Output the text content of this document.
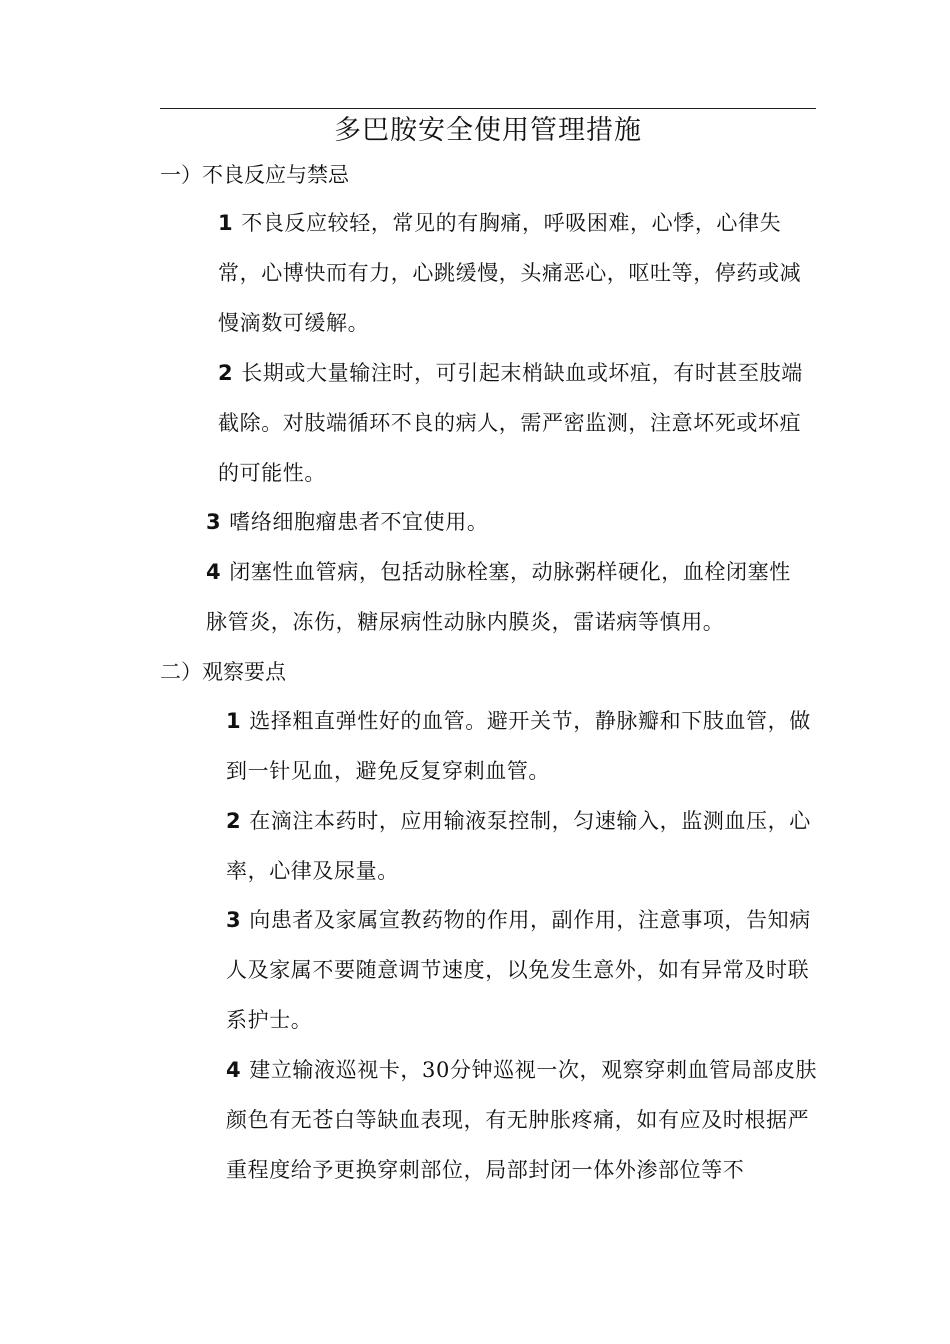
多巴胺安全使用管理措施
一）不良反应与禁忌

1 不良反应较轻，常见的有胸痛，呼吸困难，心悸，心律失常，心博快而有力，心跳缓慢，头痛恶心，呕吐等，停药或减慢滴数可缓解。

2 长期或大量输注时，可引起末梢缺血或坏疽，有时甚至肢端截除。对肢端循环不良的病人，需严密监测，注意坏死或坏疽的可能性。

3 嗜络细胞瘤患者不宜使用。

4 闭塞性血管病，包括动脉栓塞，动脉粥样硬化，血栓闭塞性脉管炎，冻伤，糖尿病性动脉内膜炎，雷诺病等慎用。

二）观察要点

1 选择粗直弹性好的血管。避开关节，静脉瓣和下肢血管，做到一针见血，避免反复穿刺血管。

2 在滴注本药时，应用输液泵控制，匀速输入，监测血压，心率，心律及尿量。

3 向患者及家属宣教药物的作用，副作用，注意事项，告知病人及家属不要随意调节速度，以免发生意外，如有异常及时联系护士。

4 建立输液巡视卡，30分钟巡视一次，观察穿刺血管局部皮肤颜色有无苍白等缺血表现，有无肿胀疼痛，如有应及时根据严重程度给予更换穿刺部位，局部封闭一体外渗部位等不
